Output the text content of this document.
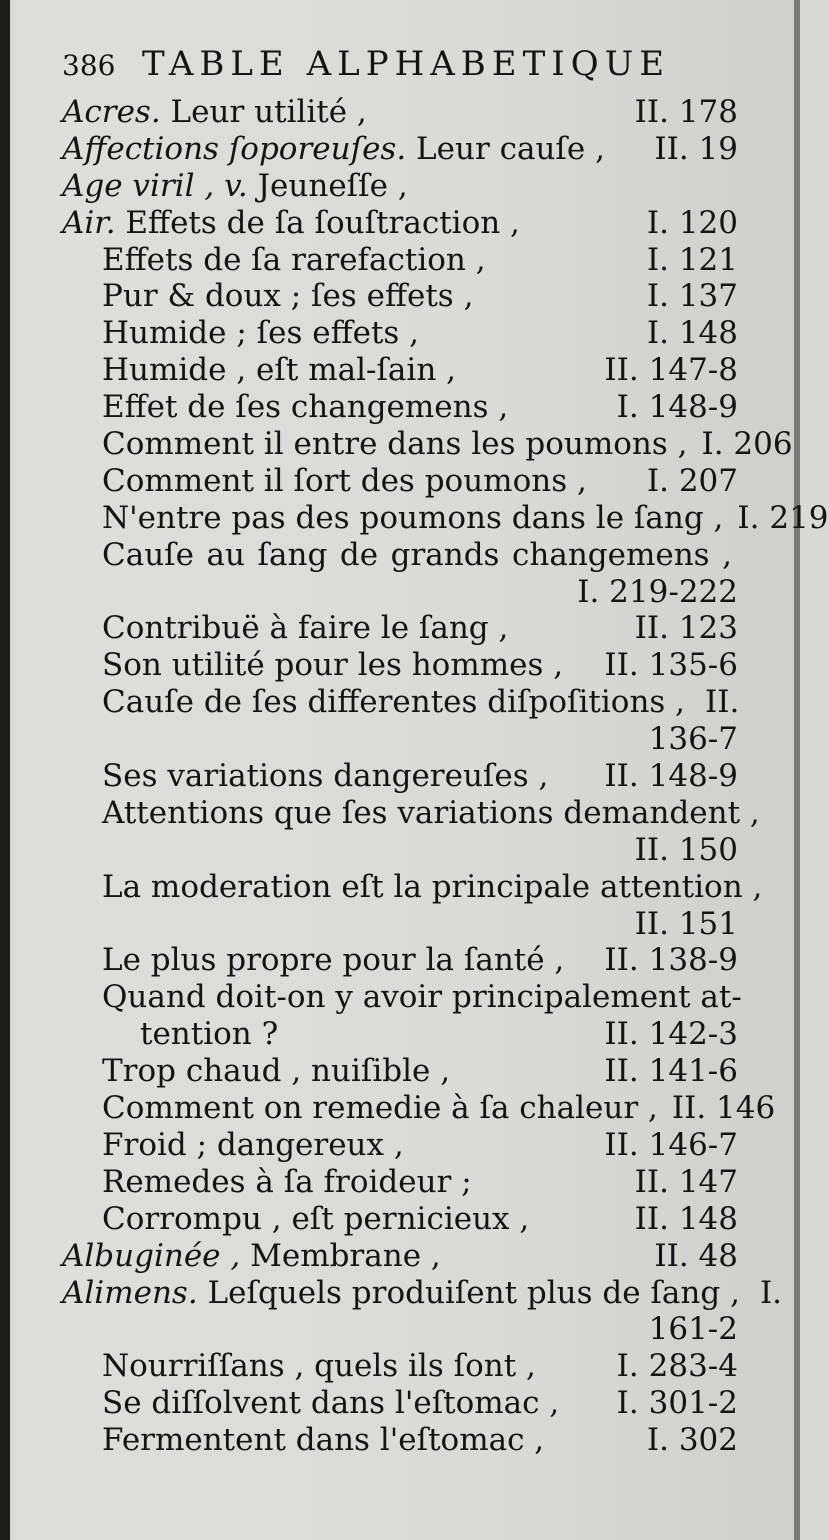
386 TABLE ALPHABETIQUE
Acres. Leur utilité ,	II. 178
Affections ſoporeuſes. Leur cauſe ,	II. 19
Age viril , v. Jeuneſſe ,
Air. Effets de ſa ſouſtraction ,	I. 120
Effets de ſa rarefaction ,	I. 121
Pur & doux ; ſes effets ,	I. 137
Humide ; ſes effets ,	I. 148
Humide , eſt mal-ſain ,	II. 147-8
Effet de ſes changemens ,	I. 148-9
Comment il entre dans les poumons , I. 206
Comment il ſort des poumons ,	I. 207
N'entre pas des poumons dans le ſang , I. 219
Cauſe au ſang de grands changemens ,
I. 219-222
Contribuë à faire le ſang ,	II. 123
Son utilité pour les hommes ,	II. 135-6
Cauſe de ſes differentes diſpoſitions , II.
136-7
Ses variations dangereuſes ,	II. 148-9
Attentions que ſes variations demandent ,
II. 150
La moderation eſt la principale attention ,
II. 151
Le plus propre pour la ſanté ,	II. 138-9
Quand doit-on y avoir principalement at-
tention ?	II. 142-3
Trop chaud , nuiſible ,	II. 141-6
Comment on remedie à ſa chaleur , II. 146
Froid ; dangereux ,	II. 146-7
Remedes à ſa froideur ;	II. 147
Corrompu , eſt pernicieux ,	II. 148
Albuginée , Membrane ,	II. 48
Alimens. Leſquels produiſent plus de ſang , I.
161-2
Nourriſſans , quels ils ſont ,	I. 283-4
Se diſſolvent dans l'eſtomac ,	I. 301-2
Fermentent dans l'eſtomac ,	I. 302
